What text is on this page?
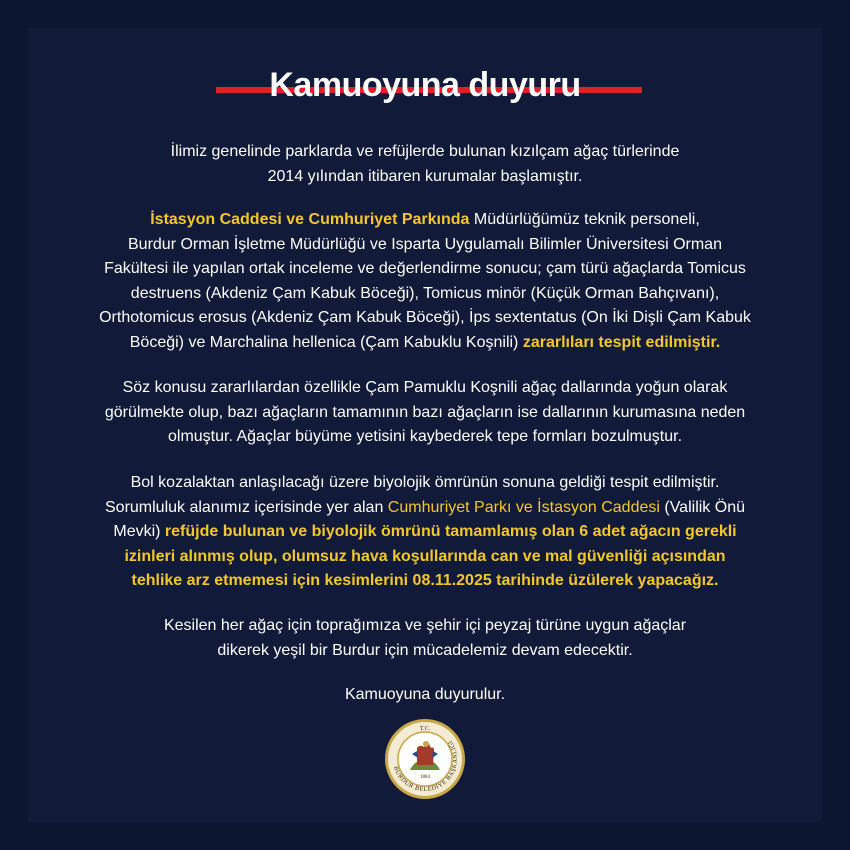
Kamuoyuna duyuru
İlimiz genelinde parklarda ve refüjlerde bulunan kızılçam ağaç türlerinde
2014 yılından itibaren kurumalar başlamıştır.
İstasyon Caddesi ve Cumhuriyet Parkında Müdürlüğümüz teknik personeli,
Burdur Orman İşletme Müdürlüğü ve Isparta Uygulamalı Bilimler Üniversitesi Orman
Fakültesi ile yapılan ortak inceleme ve değerlendirme sonucu; çam türü ağaçlarda Tomicus
destruens (Akdeniz Çam Kabuk Böceği), Tomicus minör (Küçük Orman Bahçıvanı),
Orthotomicus erosus (Akdeniz Çam Kabuk Böceği), İps sextentatus (On İki Dişli Çam Kabuk
Böceği) ve Marchalina hellenica (Çam Kabuklu Koşnili) zararlıları tespit edilmiştir.
Söz konusu zararlılardan özellikle Çam Pamuklu Koşnili ağaç dallarında yoğun olarak
görülmekte olup, bazı ağaçların tamamının bazı ağaçların ise dallarının kurumasına neden
olmuştur. Ağaçlar büyüme yetisini kaybederek tepe formları bozulmuştur.
Bol kozalaktan anlaşılacağı üzere biyolojik ömrünün sonuna geldiği tespit edilmiştir.
Sorumluluk alanımız içerisinde yer alan Cumhuriyet Parkı ve İstasyon Caddesi (Valilik Önü
Mevki) refüjde bulunan ve biyolojik ömrünü tamamlamış olan 6 adet ağacın gerekli
izinleri alınmış olup, olumsuz hava koşullarında can ve mal güvenliği açısından
tehlike arz etmemesi için kesimlerini 08.11.2025 tarihinde üzülerek yapacağız.
Kesilen her ağaç için toprağımıza ve şehir içi peyzaj türüne uygun ağaçlar
dikerek yeşil bir Burdur için mücadelemiz devam edecektir.
Kamuoyuna duyurulur.
BURDUR BELEDİYE BAŞKANLIĞI
T.C.
1884
